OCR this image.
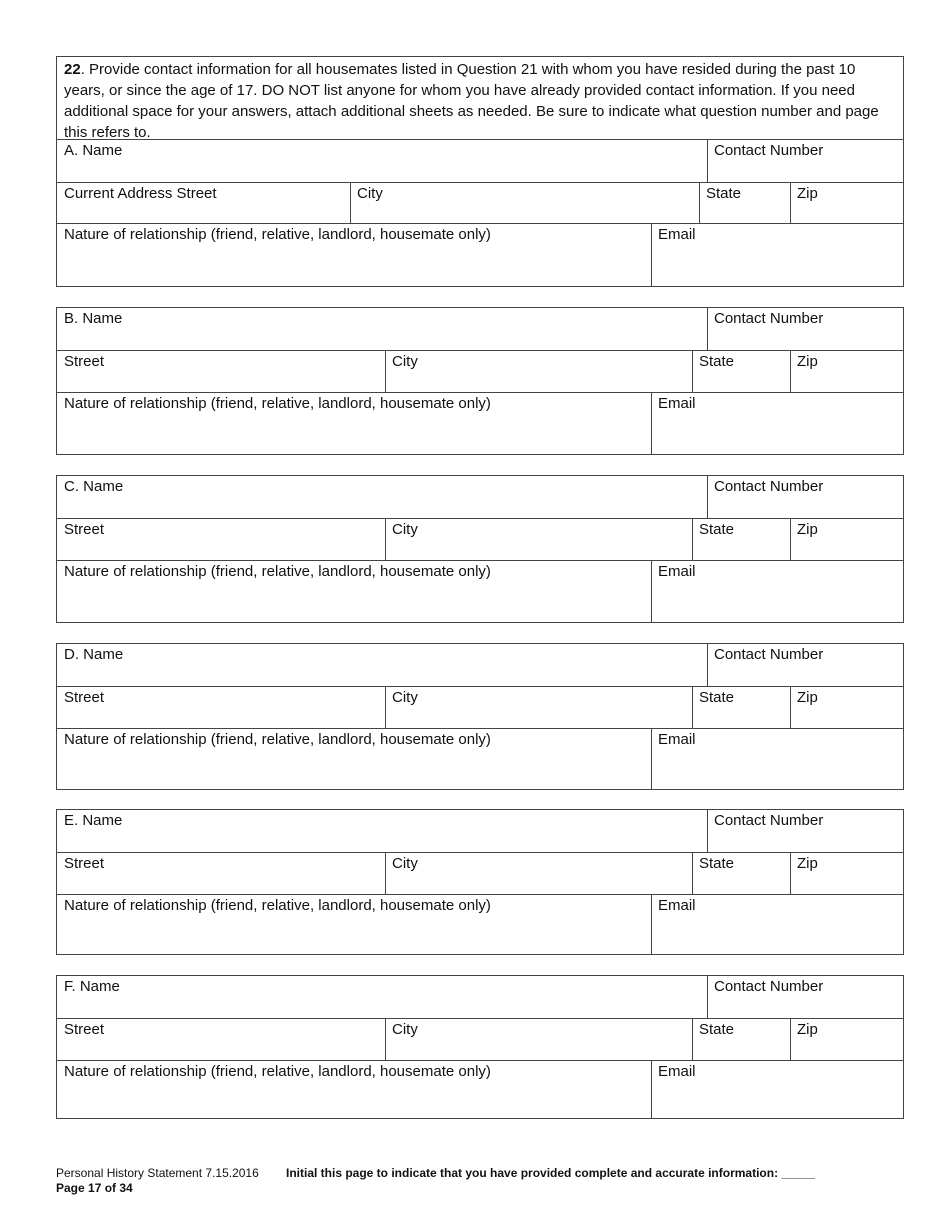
22. Provide contact information for all housemates listed in Question 21 with whom you have resided during the past 10 years, or since the age of 17. DO NOT list anyone for whom you have already provided contact information. If you need additional space for your answers, attach additional sheets as needed. Be sure to indicate what question number and page this refers to.
A. Name	Contact Number
Current Address Street	City	State	Zip
Nature of relationship (friend, relative, landlord, housemate only)	Email
B. Name	Contact Number
Street	City	State	Zip
Nature of relationship (friend, relative, landlord, housemate only)	Email
C. Name	Contact Number
Street	City	State	Zip
Nature of relationship (friend, relative, landlord, housemate only)	Email
D. Name	Contact Number
Street	City	State	Zip
Nature of relationship (friend, relative, landlord, housemate only)	Email
E. Name	Contact Number
Street	City	State	Zip
Nature of relationship (friend, relative, landlord, housemate only)	Email
F. Name	Contact Number
Street	City	State	Zip
Nature of relationship (friend, relative, landlord, housemate only)	Email
Personal History Statement 7.15.2016 Initial this page to indicate that you have provided complete and accurate information: _____
Page 17 of 34
